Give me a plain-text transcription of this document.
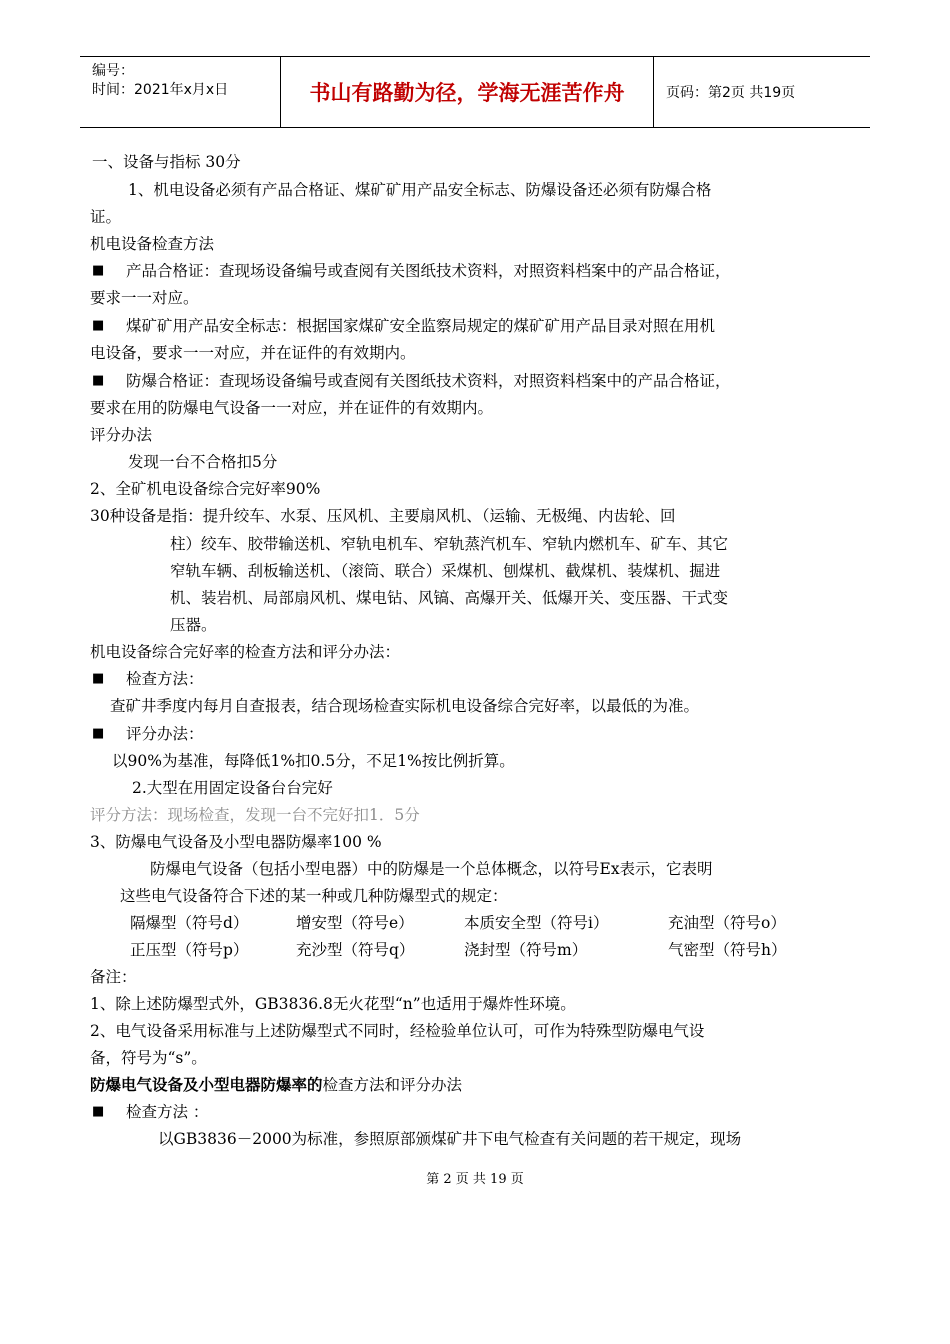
编号：
时间：2021年x月x日	书山有路勤为径，学海无涯苦作舟	页码：第2页 共19页
一、设备与指标 30分
1、机电设备必须有产品合格证、煤矿矿用产品安全标志、防爆设备还必须有防爆合格
证。
机电设备检查方法
■ 产品合格证：查现场设备编号或查阅有关图纸技术资料，对照资料档案中的产品合格证，
要求一一对应。
■ 煤矿矿用产品安全标志：根据国家煤矿安全监察局规定的煤矿矿用产品目录对照在用机
电设备，要求一一对应，并在证件的有效期内。
■ 防爆合格证：查现场设备编号或查阅有关图纸技术资料，对照资料档案中的产品合格证，
要求在用的防爆电气设备一一对应，并在证件的有效期内。
评分办法
发现一台不合格扣5分
2、全矿机电设备综合完好率90%
30种设备是指：提升绞车、水泵、压风机、主要扇风机、（运输、无极绳、内齿轮、回
柱）绞车、胶带输送机、窄轨电机车、窄轨蒸汽机车、窄轨内燃机车、矿车、其它
窄轨车辆、刮板输送机、（滚筒、联合）采煤机、刨煤机、截煤机、装煤机、掘进
机、装岩机、局部扇风机、煤电钻、风镐、高爆开关、低爆开关、变压器、干式变
压器。
机电设备综合完好率的检查方法和评分办法：
■ 检查方法：
查矿井季度内每月自查报表，结合现场检查实际机电设备综合完好率，以最低的为准。
■ 评分办法：
以90%为基准，每降低1%扣0.5分，不足1%按比例折算。
2.大型在用固定设备台台完好
评分方法：现场检查，发现一台不完好扣1．5分
3、防爆电气设备及小型电器防爆率100 %
防爆电气设备（包括小型电器）中的防爆是一个总体概念，以符号Ex表示，它表明
这些电气设备符合下述的某一种或几种防爆型式的规定：
隔爆型（符号d）	增安型（符号e）	本质安全型（符号i）	充油型（符号o）
正压型（符号p）	充沙型（符号q）	浇封型（符号m）	气密型（符号h）
备注：
1、除上述防爆型式外，GB3836.8无火花型“n”也适用于爆炸性环境。
2、电气设备采用标准与上述防爆型式不同时，经检验单位认可，可作为特殊型防爆电气设
备，符号为“s”。
防爆电气设备及小型电器防爆率的检查方法和评分办法
■ 检查方法 ：
以GB3836－2000为标准，参照原部颁煤矿井下电气检查有关问题的若干规定，现场
第 2 页 共 19 页
